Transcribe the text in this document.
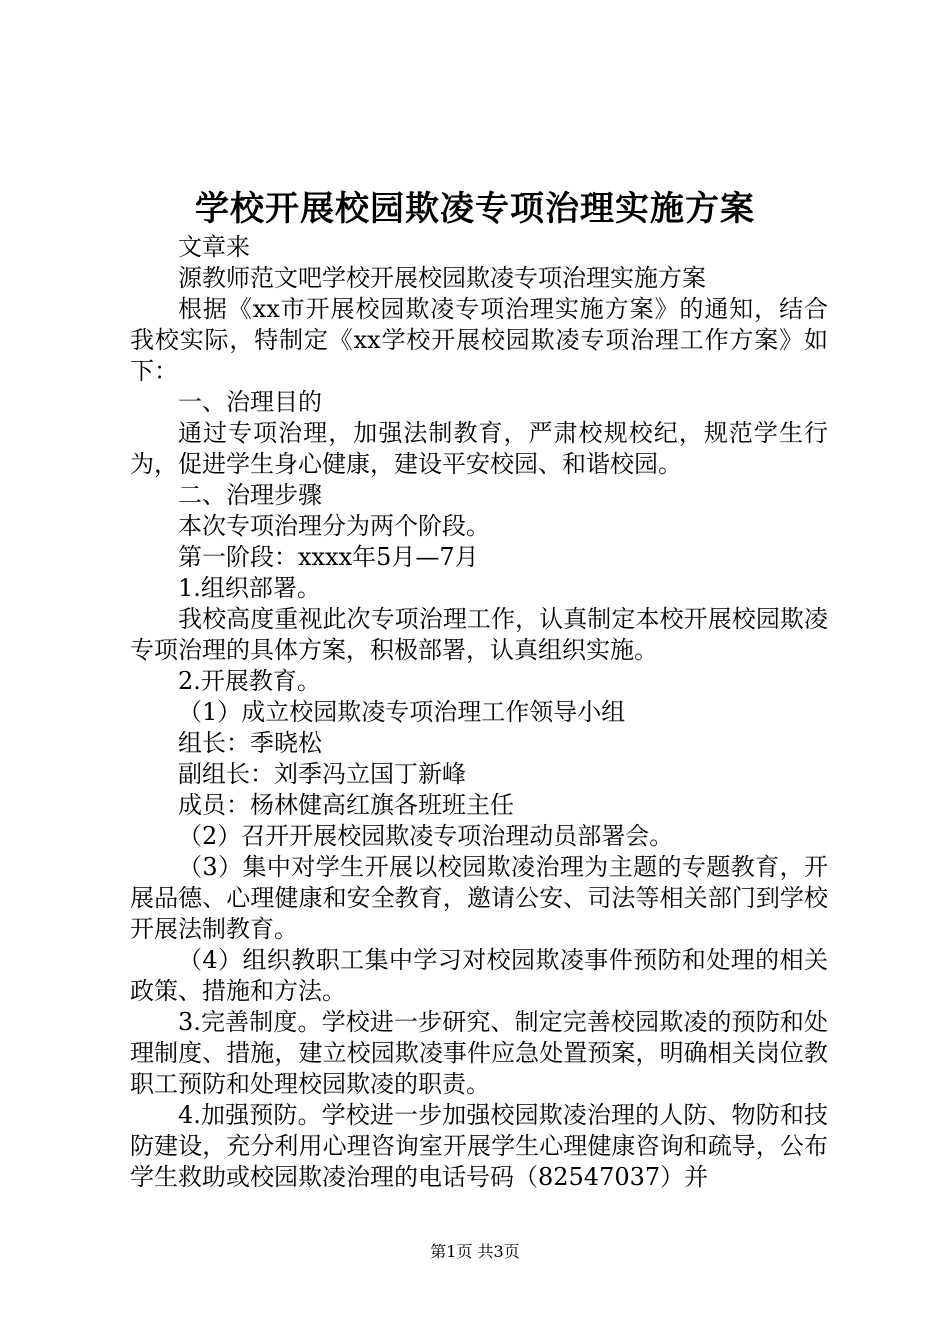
学校开展校园欺凌专项治理实施方案

文章来

源教师范文吧学校开展校园欺凌专项治理实施方案

根据《xx市开展校园欺凌专项治理实施方案》的通知，结合我校实际，特制定《xx学校开展校园欺凌专项治理工作方案》如下：

一、治理目的

通过专项治理，加强法制教育，严肃校规校纪，规范学生行为，促进学生身心健康，建设平安校园、和谐校园。

二、治理步骤

本次专项治理分为两个阶段。

第一阶段：xxxx年5月—7月

1.组织部署。

我校高度重视此次专项治理工作，认真制定本校开展校园欺凌专项治理的具体方案，积极部署，认真组织实施。

2.开展教育。

（1）成立校园欺凌专项治理工作领导小组

组长：季晓松

副组长：刘季冯立国丁新峰

成员：杨林健高红旗各班班主任

（2）召开开展校园欺凌专项治理动员部署会。

（3）集中对学生开展以校园欺凌治理为主题的专题教育，开展品德、心理健康和安全教育，邀请公安、司法等相关部门到学校开展法制教育。

（4）组织教职工集中学习对校园欺凌事件预防和处理的相关政策、措施和方法。

3.完善制度。学校进一步研究、制定完善校园欺凌的预防和处理制度、措施，建立校园欺凌事件应急处置预案，明确相关岗位教职工预防和处理校园欺凌的职责。

4.加强预防。学校进一步加强校园欺凌治理的人防、物防和技防建设，充分利用心理咨询室开展学生心理健康咨询和疏导，公布学生救助或校园欺凌治理的电话号码（82547037）并

第1页 共3页
